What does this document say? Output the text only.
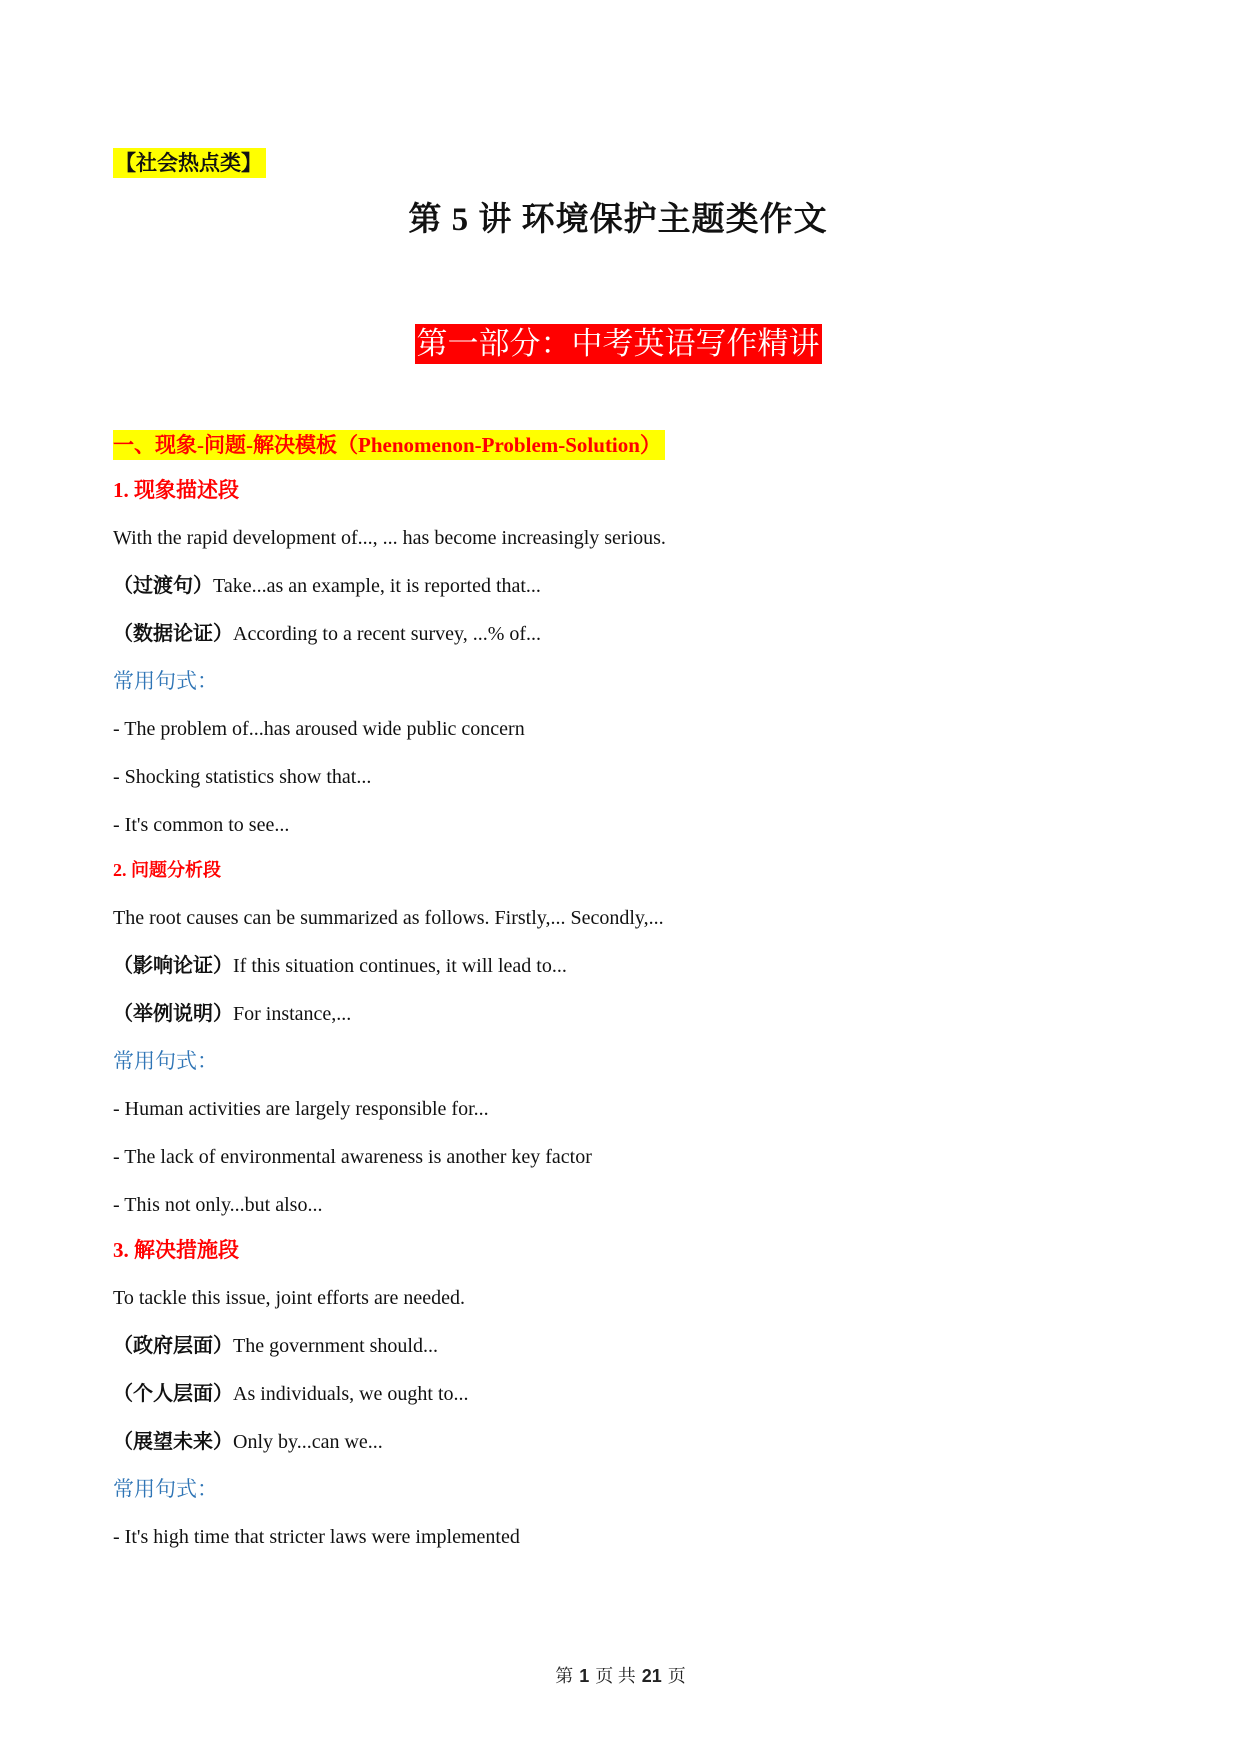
【社会热点类】
第 5 讲 环境保护主题类作文
第一部分：中考英语写作精讲
一、现象-问题-解决模板（Phenomenon-Problem-Solution）
1. 现象描述段
With the rapid development of..., ... has become increasingly serious.
（过渡句）Take...as an example, it is reported that...
（数据论证）According to a recent survey, ...% of...
常用句式：
- The problem of...has aroused wide public concern
- Shocking statistics show that...
- It's common to see...
2. 问题分析段
The root causes can be summarized as follows. Firstly,... Secondly,...
（影响论证）If this situation continues, it will lead to...
（举例说明）For instance,...
常用句式：
- Human activities are largely responsible for...
- The lack of environmental awareness is another key factor
- This not only...but also...
3. 解决措施段
To tackle this issue, joint efforts are needed.
（政府层面）The government should...
（个人层面）As individuals, we ought to...
（展望未来）Only by...can we...
常用句式：
- It's high time that stricter laws were implemented
第 1 页 共 21 页
